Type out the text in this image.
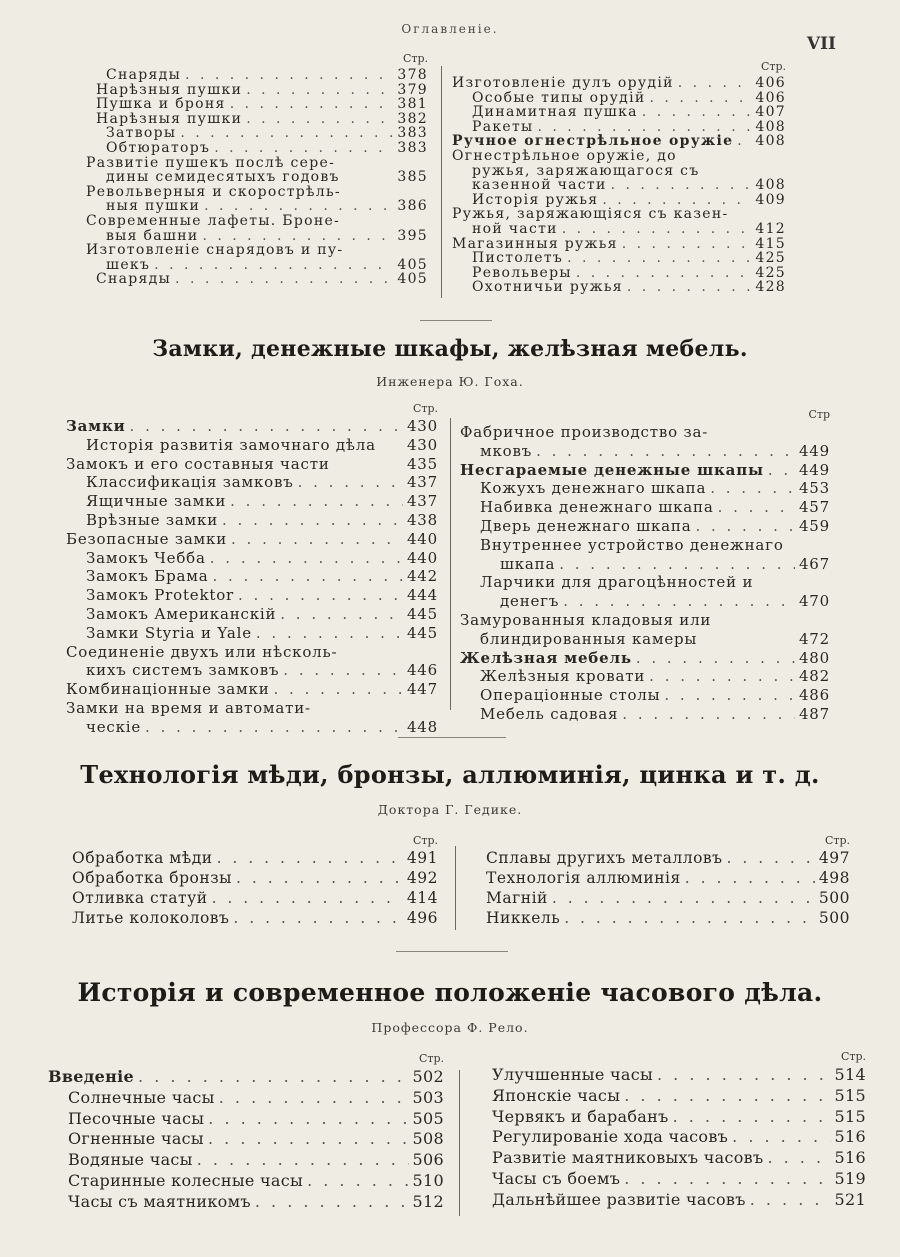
Оглавленіе.
VII
Стр.
Снаряды . . .	378
Нарѣзныя пушки . . .	379
Пушка и броня . . .	381
Нарѣзныя пушки . . .	382
Затворы . . .	383
Обтюраторъ . . .	383
Развитіе пушекъ послѣ сере-
дины семидесятыхъ годовъ	385
Револьверныя и скорострѣль-
ныя пушки . . .	386
Современные лафеты. Броне-
выя башни . . .	395
Изготовленіе снарядовъ и пу-
шекъ . . .	405
Снаряды . . .	405
Стр.
Изготовленіе дулъ орудій . . .	406
Особые типы орудій . . .	406
Динамитная пушка . . .	407
Ракеты . . .	408
Ручное огнестрѣльное оружіе . . . 408
Огнестрѣльное оружіе, до
ружья, заряжающагося съ
казенной части . . .	408
Исторія ружья . . .	409
Ружья, заряжающіяся съ казен-
ной части . . .	412
Магазинныя ружья . . .	415
Пистолетъ . . .	425
Револьверы . . .	425
Охотничьи ружья . . .	428
Замки, денежные шкафы, желѣзная мебель.
Инженера Ю. Гоха.
Стр.
Замки . . .	430
Исторія развитія замочнаго дѣла 430
Замокъ и его составныя части	435
Классификація замковъ . . .	437
Ящичные замки . . .	437
Врѣзные замки . . .	438
Безопасные замки . . .	440
Замокъ Чебба . . .	440
Замокъ Брама . . .	442
Замокъ Protektor . . .	444
Замокъ Американскій . . .	445
Замки Styria и Yale . . .	445
Соединеніе двухъ или нѣсколь-
кихъ системъ замковъ . . .	446
Комбинаціонные замки . . .	447
Замки на время и автомати-
ческіе . . .	448
Стр
Фабричное производство за-
мковъ . . .	449
Несгараемые денежные шкапы . . . 449
Кожухъ денежнаго шкапа . . .	453
Набивка денежнаго шкапа . . .	457
Дверь денежнаго шкапа . . .	459
Внутреннее устройство денежнаго
шкапа . . .	467
Ларчики для драгоцѣнностей и
денегъ . . .	470
Замурованныя кладовыя или
блиндированныя камеры	472
Желѣзная мебель . . .	480
Желѣзныя кровати . . .	482
Операціонные столы . . .	486
Мебель садовая . . .	487
Технологія мѣди, бронзы, аллюминія, цинка и т. д.
Доктора Г. Гедике.
Стр.
Обработка мѣди . . .	491
Обработка бронзы . . .	492
Отливка статуй . . .	414
Литье колоколовъ . . .	496
Стр.
Сплавы другихъ металловъ . . .	497
Технологія аллюминія . . .	498
Магній . . .	500
Никкель . . .	500
Исторія и современное положеніе часового дѣла.
Профессора Ф. Рело.
Стр.
Введеніе . . .	502
Солнечные часы . . .	503
Песочные часы . . .	505
Огненные часы . . .	508
Водяные часы . . .	506
Старинные колесные часы . . .	510
Часы съ маятникомъ . . .	512
Стр.
Улучшенные часы . . .	514
Японскіе часы . . .	515
Червякъ и барабанъ . . .	515
Регулированіе хода часовъ . . .	516
Развитіе маятниковыхъ часовъ . . .	516
Часы съ боемъ . . .	519
Дальнѣйшее развитіе часовъ . . .	521
